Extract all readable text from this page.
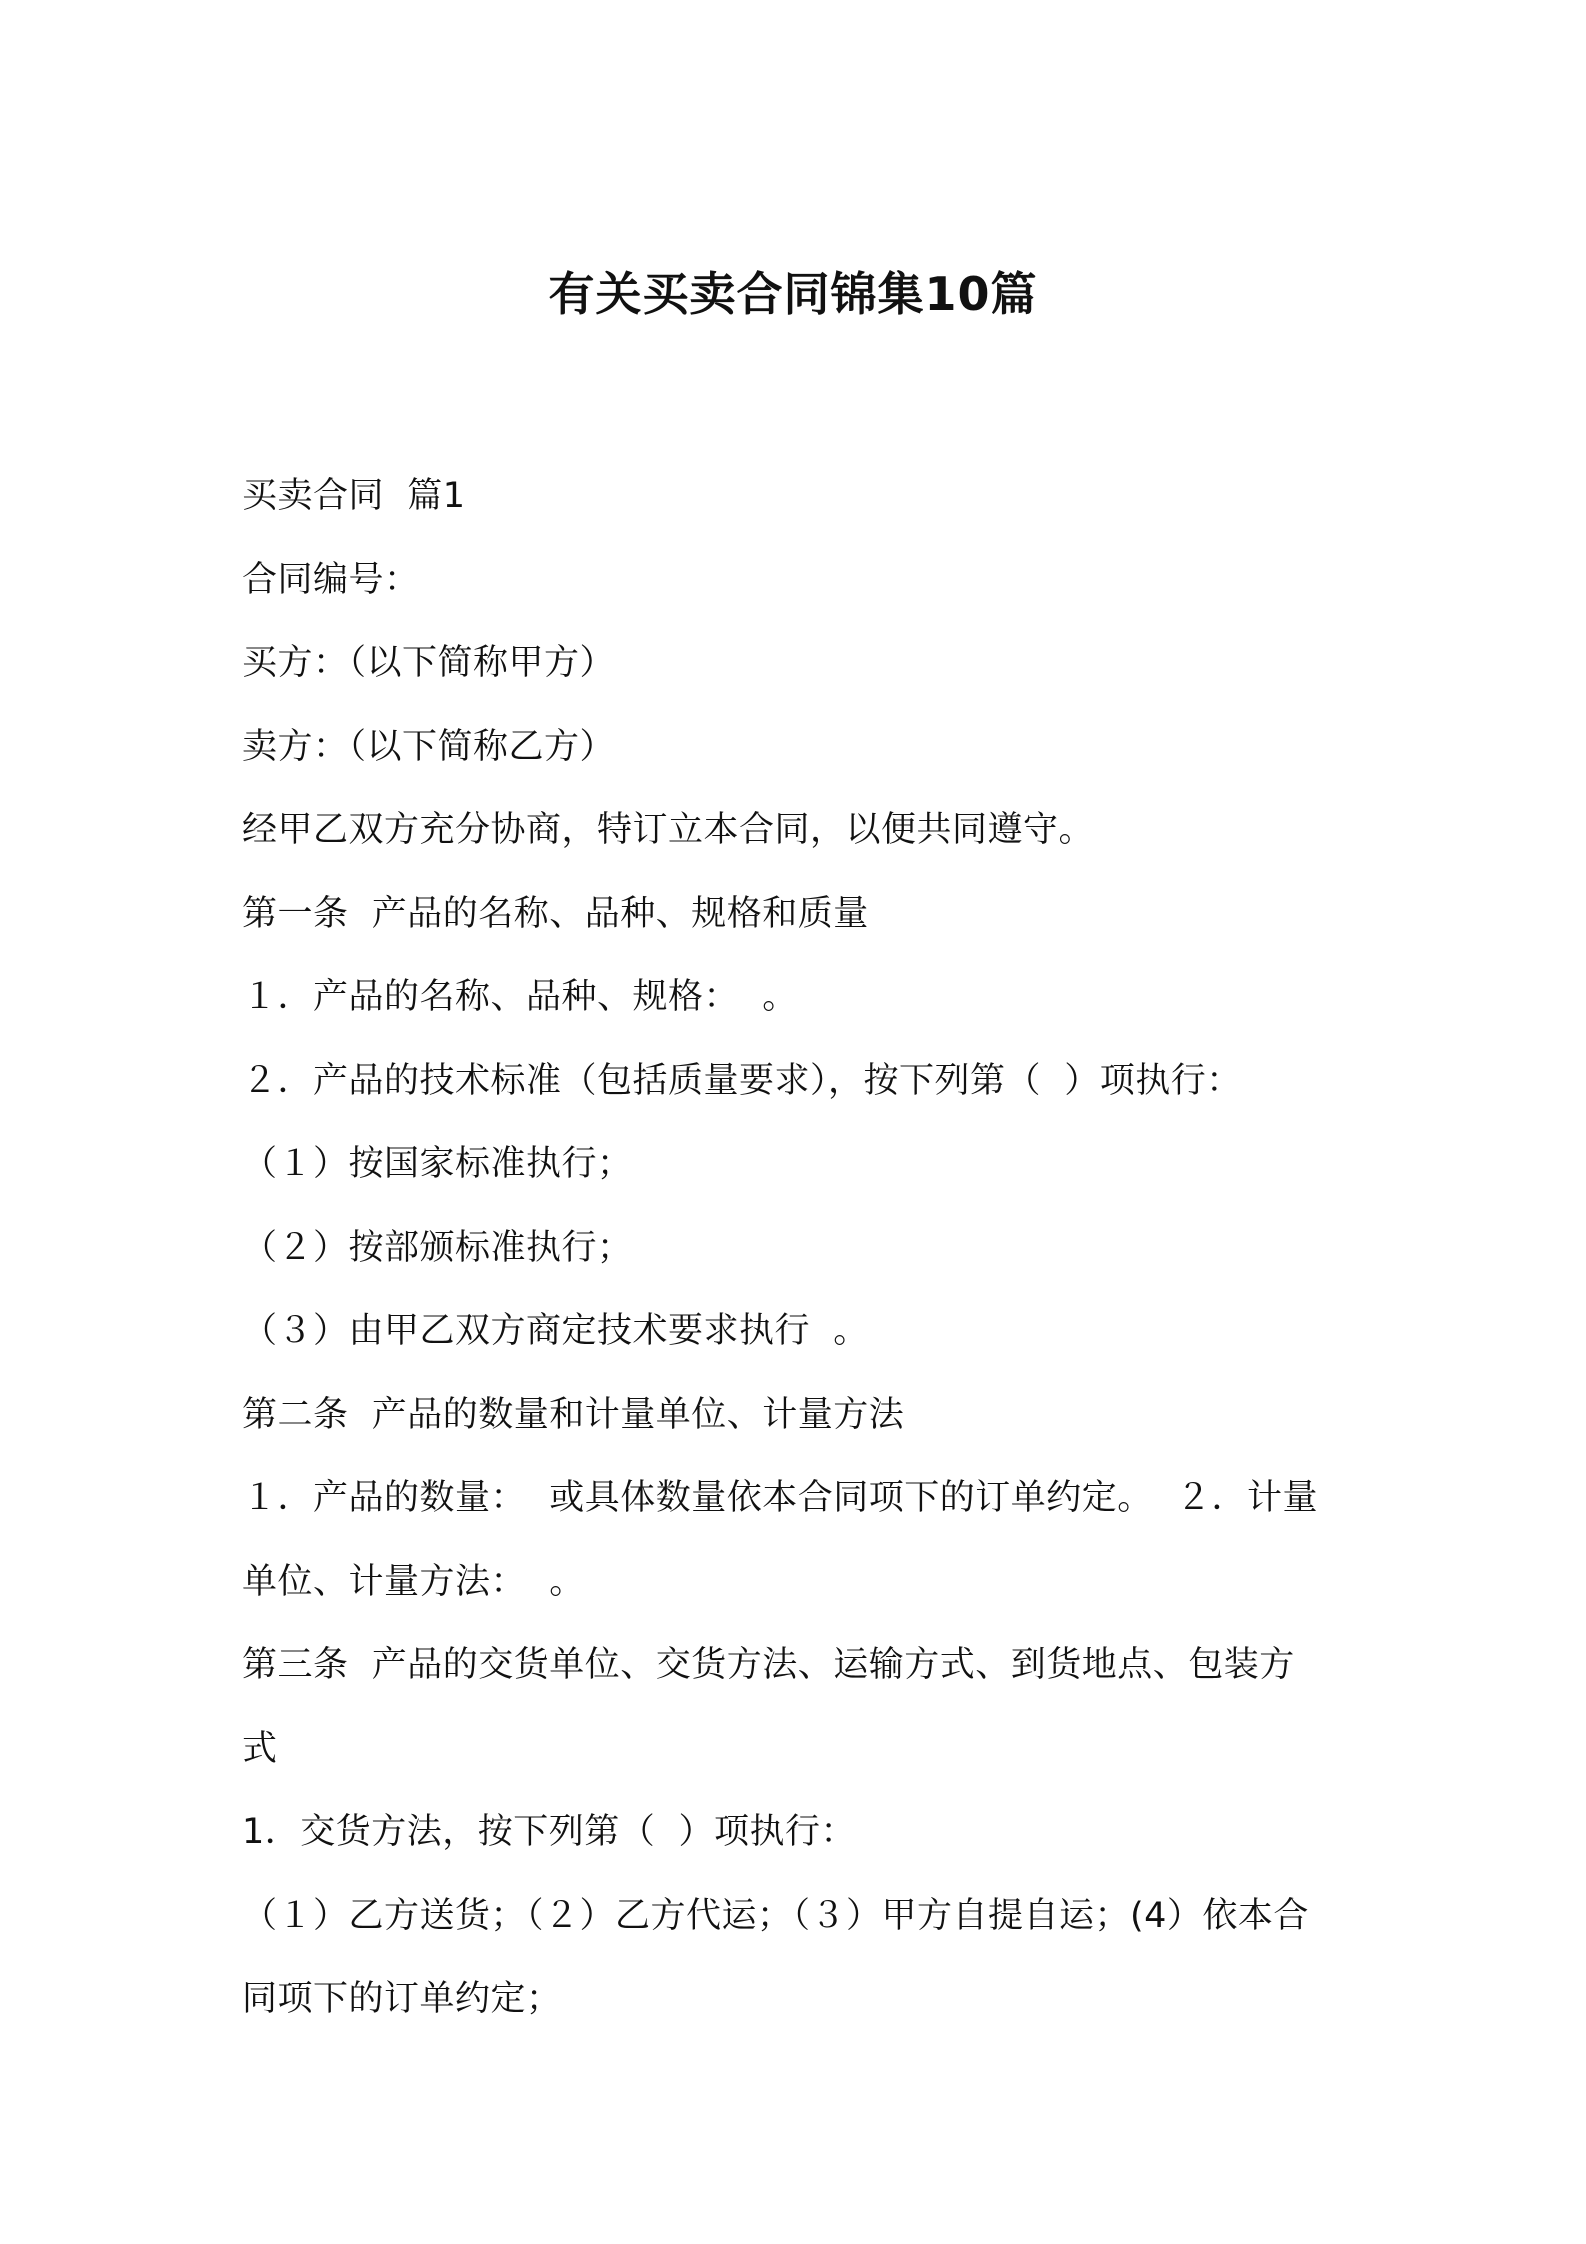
有关买卖合同锦集10篇
买卖合同  篇1
合同编号：
买方：（以下简称甲方）
卖方：（以下简称乙方）
经甲乙双方充分协商，特订立本合同，以便共同遵守。
第一条  产品的名称、品种、规格和质量
１．产品的名称、品种、规格：  。
２．产品的技术标准（包括质量要求），按下列第（  ）项执行：
（１）按国家标准执行；
（２）按部颁标准执行；
（３）由甲乙双方商定技术要求执行  。
第二条  产品的数量和计量单位、计量方法
１．产品的数量：  或具体数量依本合同项下的订单约定。  ２．计量
单位、计量方法：  。
第三条  产品的交货单位、交货方法、运输方式、到货地点、包装方
式
1．交货方法，按下列第（  ）项执行：
（１）乙方送货；（２）乙方代运；（３）甲方自提自运；(4）依本合
同项下的订单约定；
